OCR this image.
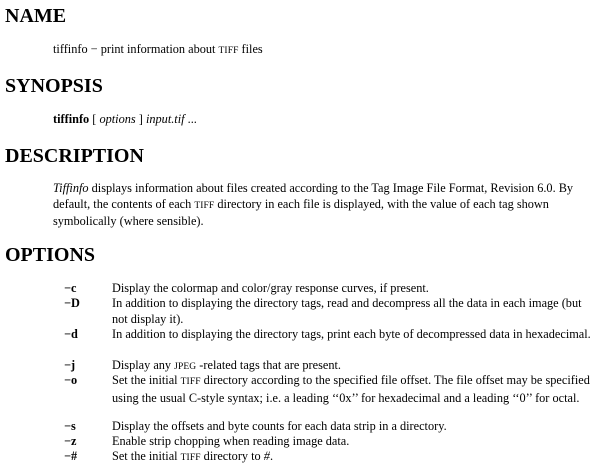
NAME

tiffinfo − print information about TIFF files

SYNOPSIS

tiffinfo [ options ] input.tif ...

DESCRIPTION

Tiffinfo displays information about files created according to the Tag Image File Format, Revision 6.0. By default, the contents of each TIFF directory in each file is displayed, with the value of each tag shown symbolically (where sensible).

OPTIONS
−c	Display the colormap and color/gray response curves, if present.
−D	In addition to displaying the directory tags, read and decompress all the data in each image (but not display it).
−d	In addition to displaying the directory tags, print each byte of decompressed data in hexadecimal.
−j	Display any JPEG -related tags that are present.
−o	Set the initial TIFF directory according to the specified file offset. The file offset may be specified using the usual C-style syntax; i.e. a leading ‘‘0x’’ for hexadecimal and a leading ‘‘0’’ for octal.
−s	Display the offsets and byte counts for each data strip in a directory.
−z	Enable strip chopping when reading image data.
−#	Set the initial TIFF directory to #.
